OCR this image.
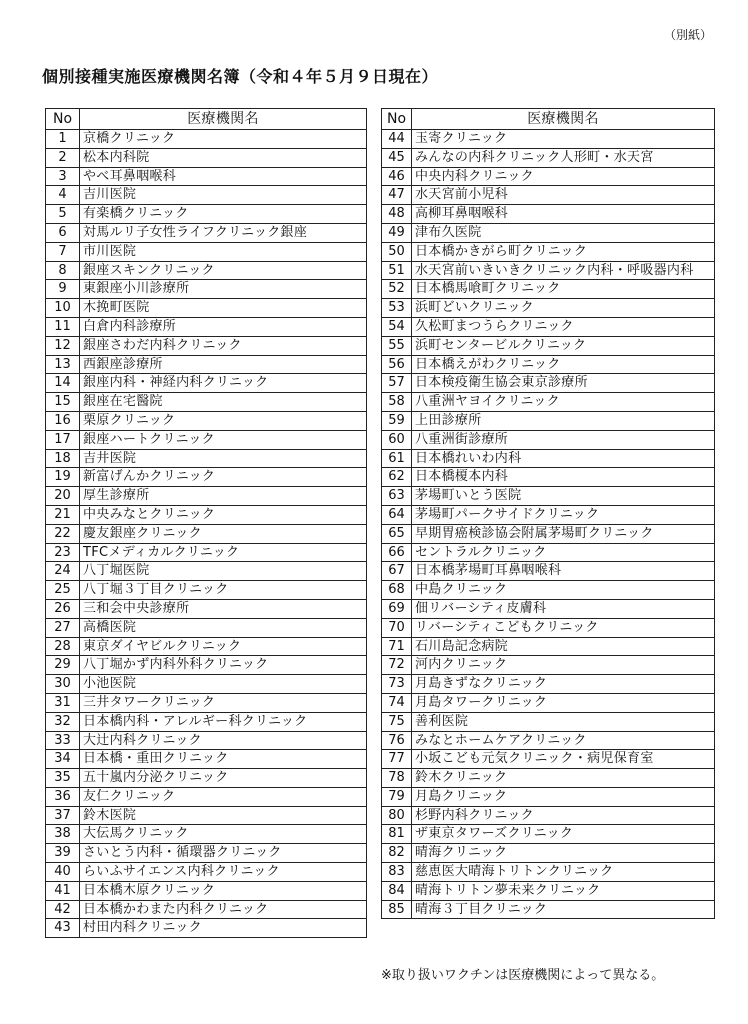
（別紙）
個別接種実施医療機関名簿（令和４年５月９日現在）
No	医療機関名
1	京橋クリニック
2	松本内科院
3	やべ耳鼻咽喉科
4	吉川医院
5	有楽橋クリニック
6	対馬ルリ子女性ライフクリニック銀座
7	市川医院
8	銀座スキンクリニック
9	東銀座小川診療所
10	木挽町医院
11	白倉内科診療所
12	銀座さわだ内科クリニック
13	西銀座診療所
14	銀座内科・神経内科クリニック
15	銀座在宅醫院
16	栗原クリニック
17	銀座ハートクリニック
18	吉井医院
19	新富げんかクリニック
20	厚生診療所
21	中央みなとクリニック
22	慶友銀座クリニック
23	TFCメディカルクリニック
24	八丁堀医院
25	八丁堀３丁目クリニック
26	三和会中央診療所
27	高橋医院
28	東京ダイヤビルクリニック
29	八丁堀かず内科外科クリニック
30	小池医院
31	三井タワークリニック
32	日本橋内科・アレルギー科クリニック
33	大辻内科クリニック
34	日本橋・重田クリニック
35	五十嵐内分泌クリニック
36	友仁クリニック
37	鈴木医院
38	大伝馬クリニック
39	さいとう内科・循環器クリニック
40	らいふサイエンス内科クリニック
41	日本橋木原クリニック
42	日本橋かわまた内科クリニック
43	村田内科クリニック
No	医療機関名
44	玉寄クリニック
45	みんなの内科クリニック人形町・水天宮
46	中央内科クリニック
47	水天宮前小児科
48	高柳耳鼻咽喉科
49	津布久医院
50	日本橋かきがら町クリニック
51	水天宮前いきいきクリニック内科・呼吸器内科
52	日本橋馬喰町クリニック
53	浜町どいクリニック
54	久松町まつうらクリニック
55	浜町センタービルクリニック
56	日本橋えがわクリニック
57	日本検疫衛生協会東京診療所
58	八重洲ヤヨイクリニック
59	上田診療所
60	八重洲街診療所
61	日本橋れいわ内科
62	日本橋榎本内科
63	茅場町いとう医院
64	茅場町パークサイドクリニック
65	早期胃癌検診協会附属茅場町クリニック
66	セントラルクリニック
67	日本橋茅場町耳鼻咽喉科
68	中島クリニック
69	佃リバーシティ皮膚科
70	リバーシティこどもクリニック
71	石川島記念病院
72	河内クリニック
73	月島きずなクリニック
74	月島タワークリニック
75	善利医院
76	みなとホームケアクリニック
77	小坂こども元気クリニック・病児保育室
78	鈴木クリニック
79	月島クリニック
80	杉野内科クリニック
81	ザ東京タワーズクリニック
82	晴海クリニック
83	慈恵医大晴海トリトンクリニック
84	晴海トリトン夢未来クリニック
85	晴海３丁目クリニック
※取り扱いワクチンは医療機関によって異なる。
